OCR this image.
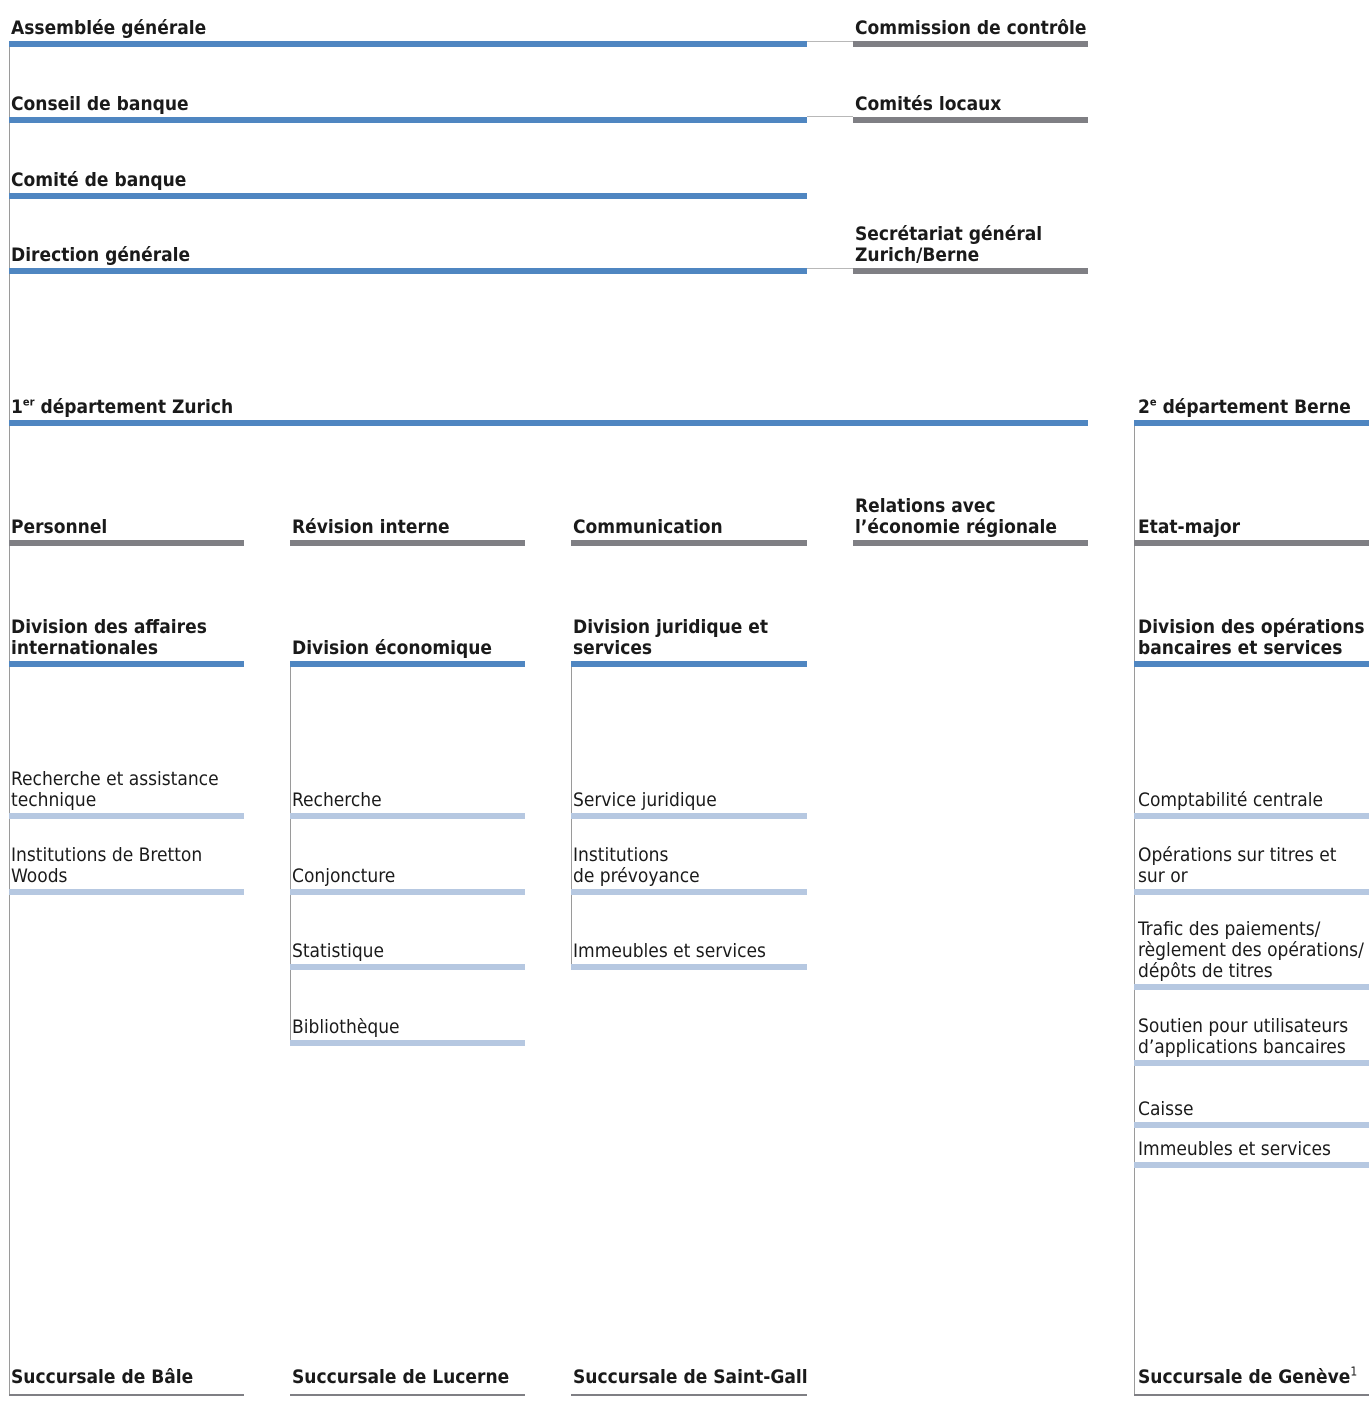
Assemblée générale
Conseil de banque
Comité de banque
Direction générale
Commission de contrôle
Comités locaux
Secrétariat général
Zurich/Berne
1er département Zurich	2e département Berne
Personnel	Révision interne	Communication
Relations avec
l’économie régionale	Etat-major
Division des affaires
internationales	Division économique
Division juridique et
services
Division des opérations
bancaires et services
Recherche et assistance
technique
Institutions de Bretton
Woods
Recherche
Conjoncture
Statistique
Bibliothèque
Service juridique
Institutions
de prévoyance
Immeubles et services
Comptabilité centrale
Opérations sur titres et
sur or
Trafic des paiements/
règlement des opérations/
dépôts de titres
Soutien pour utilisateurs
d’applications bancaires
Caisse
Immeubles et services
Succursale de Bâle	Succursale de Lucerne	Succursale de Saint-Gall	Succursale de Genève$^1$
